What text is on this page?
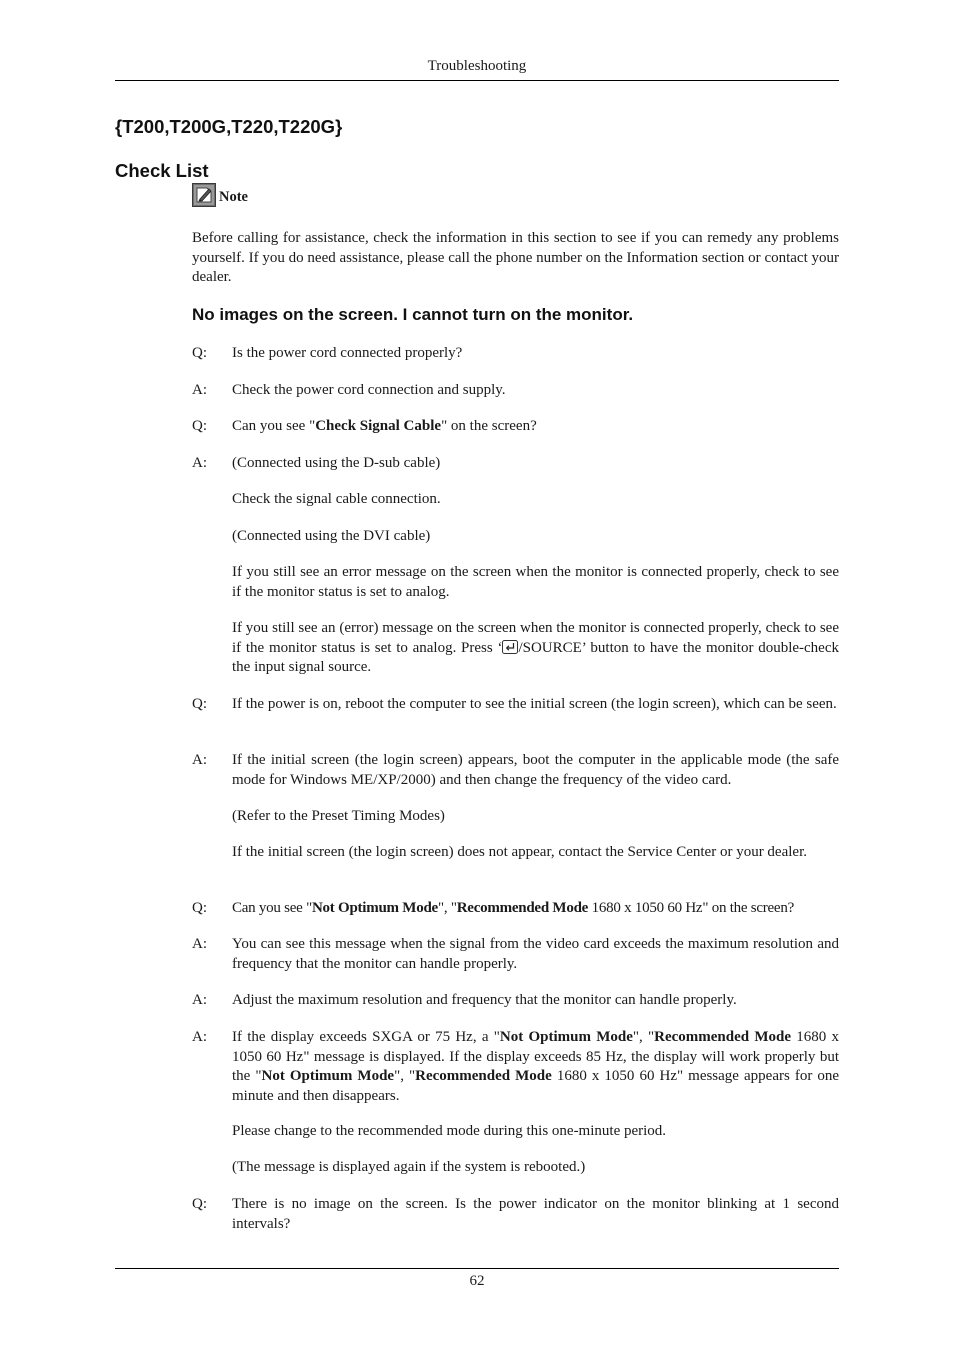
Troubleshooting
{T200,T200G,T220,T220G}
Check List
Note
Before calling for assistance, check the information in this section to see if you can remedy any problems yourself. If you do need assistance, please call the phone number on the Information section or contact your dealer.
No images on the screen. I cannot turn on the monitor.
Q:	Is the power cord connected properly?
A:	Check the power cord connection and supply.
Q:	Can you see "Check Signal Cable" on the screen?
A:	(Connected using the D-sub cable)
Check the signal cable connection.
(Connected using the DVI cable)
If you still see an error message on the screen when the monitor is connected properly, check to see if the monitor status is set to analog.
If you still see an (error) message on the screen when the monitor is connected properly, check to see if the monitor status is set to analog. Press ‘ /SOURCE’ button to have the monitor double-check the input signal source.
Q:	If the power is on, reboot the computer to see the initial screen (the login screen), which can be seen.
A:	If the initial screen (the login screen) appears, boot the computer in the applicable mode (the safe mode for Windows ME/XP/2000) and then change the frequency of the video card.
(Refer to the Preset Timing Modes)
If the initial screen (the login screen) does not appear, contact the Service Center or your dealer.
Q:	Can you see "Not Optimum Mode", "Recommended Mode 1680 x 1050 60 Hz" on the screen?
A:	You can see this message when the signal from the video card exceeds the maximum resolution and frequency that the monitor can handle properly.
A:	Adjust the maximum resolution and frequency that the monitor can handle properly.
A:	If the display exceeds SXGA or 75 Hz, a "Not Optimum Mode", "Recommended Mode 1680 x 1050 60 Hz" message is displayed. If the display exceeds 85 Hz, the display will work properly but the "Not Optimum Mode", "Recommended Mode 1680 x 1050 60 Hz" message appears for one minute and then disappears.
Please change to the recommended mode during this one-minute period.
(The message is displayed again if the system is rebooted.)
Q:	There is no image on the screen. Is the power indicator on the monitor blinking at 1 second intervals?
62
